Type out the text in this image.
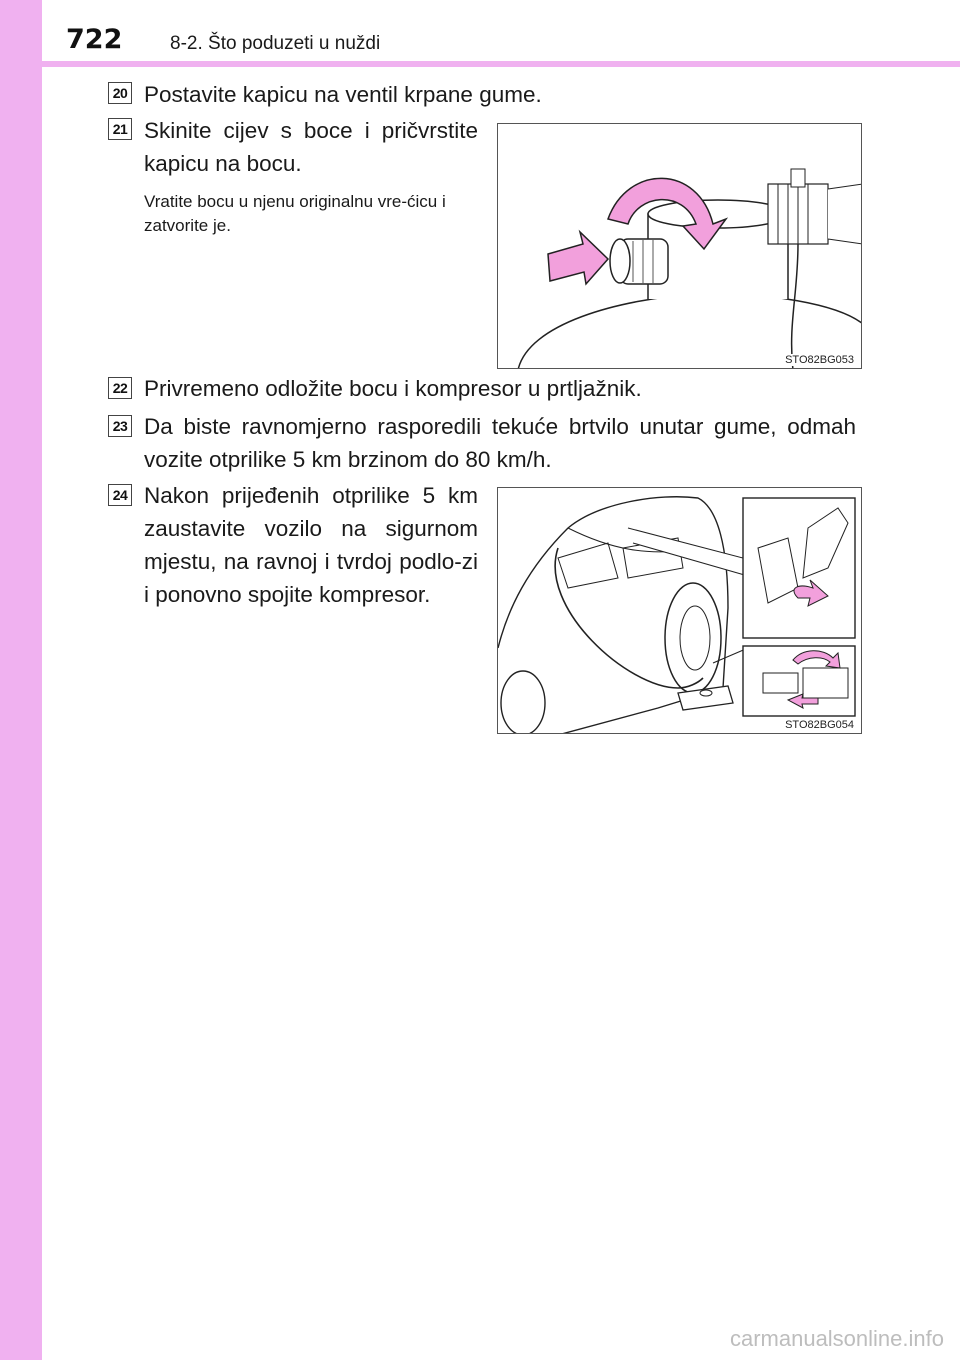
722	8-2. Što poduzeti u nuždi
20 Postavite kapicu na ventil krpane gume.
21 Skinite cijev s boce i pričvrstite kapicu na bocu.
Vratite bocu u njenu originalnu vre-ćicu i zatvorite je.
STO82BG053
22 Privremeno odložite bocu i kompresor u prtljažnik.
23 Da biste ravnomjerno rasporedili tekuće brtvilo unutar gume, odmah vozite otprilike 5 km brzinom do 80 km/h.
24 Nakon prijeđenih otprilike 5 km zaustavite vozilo na sigurnom mjestu, na ravnoj i tvrdoj podlo-zi i ponovno spojite kompresor.
STO82BG054
carmanualsonline.info
